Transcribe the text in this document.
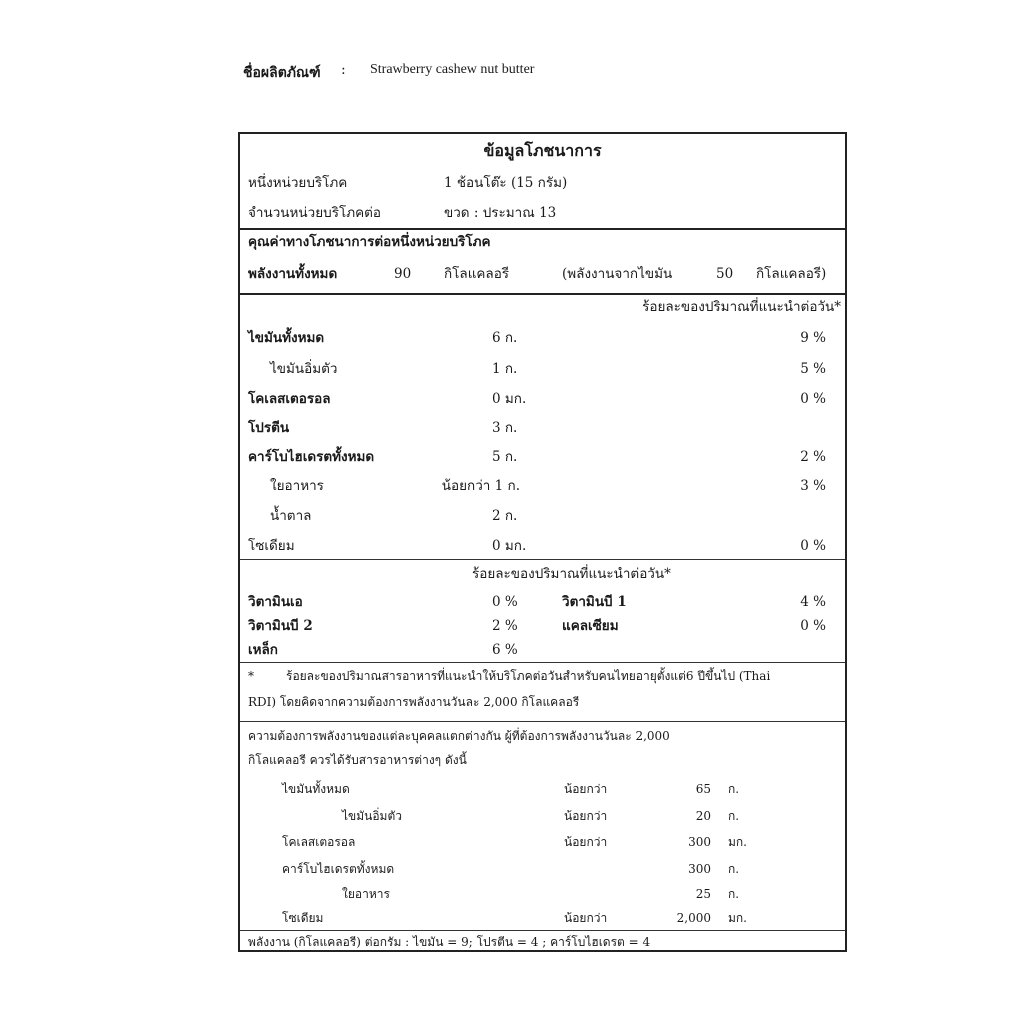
ชื่อผลิตภัณฑ์ : Strawberry cashew nut butter
ข้อมูลโภชนาการ
หนึ่งหน่วยบริโภค	1 ช้อนโต๊ะ (15 กรัม)
จำนวนหน่วยบริโภคต่อ	ขวด : ประมาณ 13
คุณค่าทางโภชนาการต่อหนึ่งหน่วยบริโภค
พลังงานทั้งหมด	90 กิโลแคลอรี	(พลังงานจากไขมัน	50 กิโลแคลอรี)
ร้อยละของปริมาณที่แนะนำต่อวัน*
ไขมันทั้งหมด	6 ก.	9 %
ไขมันอิ่มตัว	1 ก.	5 %
โคเลสเตอรอล	0 มก.	0 %
โปรตีน	3 ก.
คาร์โบไฮเดรตทั้งหมด	5 ก.	2 %
ใยอาหาร	น้อยกว่า 1 ก.	3 %
น้ำตาล	2 ก.
โซเดียม	0 มก.	0 %
ร้อยละของปริมาณที่แนะนำต่อวัน*
วิตามินเอ	0 %	วิตามินบี 1	4 %
วิตามินบี 2	2 %	แคลเซียม	0 %
เหล็ก	6 %
*	ร้อยละของปริมาณสารอาหารที่แนะนำให้บริโภคต่อวันสำหรับคนไทยอายุตั้งแต่6 ปีขึ้นไป (Thai
RDI) โดยคิดจากความต้องการพลังงานวันละ 2,000 กิโลแคลอรี
ความต้องการพลังงานของแต่ละบุคคลแตกต่างกัน ผู้ที่ต้องการพลังงานวันละ 2,000
กิโลแคลอรี ควรได้รับสารอาหารต่างๆ ดังนี้
ไขมันทั้งหมด	น้อยกว่า	65 ก.
ไขมันอิ่มตัว	น้อยกว่า	20 ก.
โคเลสเตอรอล	น้อยกว่า	300 มก.
คาร์โบไฮเดรตทั้งหมด	300 ก.
ใยอาหาร	25 ก.
โซเดียม	น้อยกว่า	2,000 มก.
พลังงาน (กิโลแคลอรี) ต่อกรัม : ไขมัน = 9; โปรตีน = 4 ; คาร์โบไฮเดรต = 4
